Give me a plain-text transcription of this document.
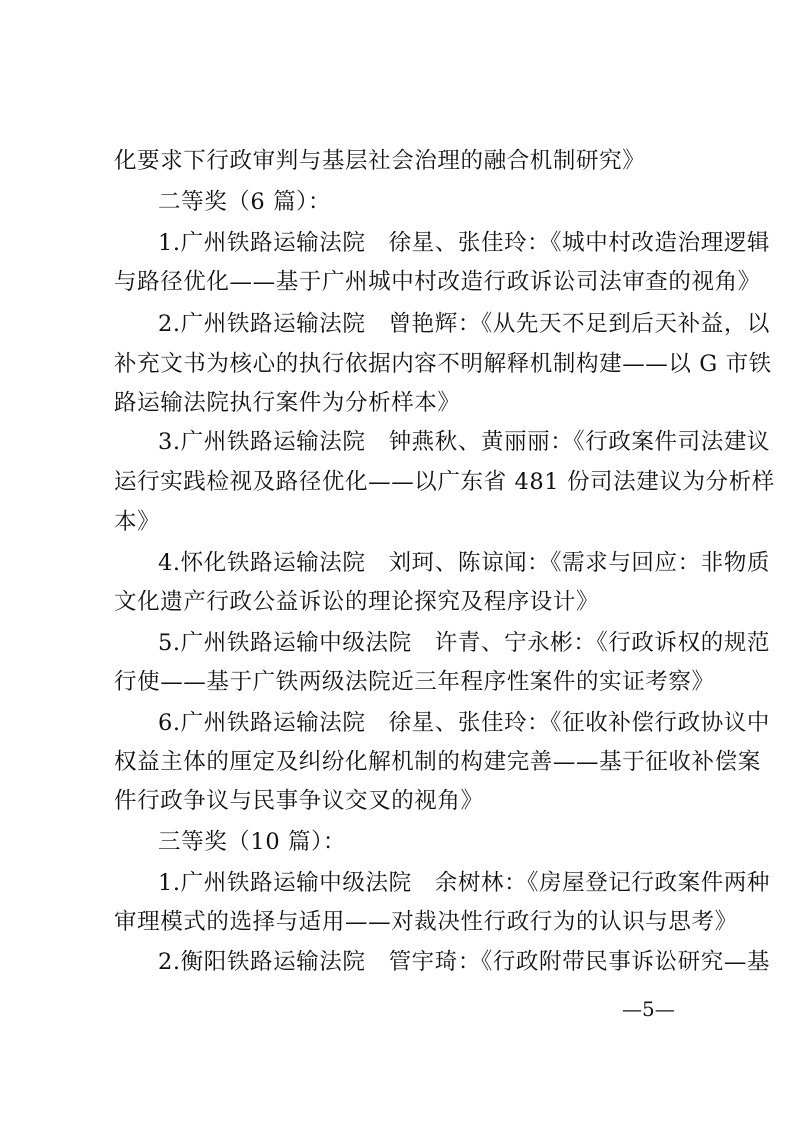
化要求下行政审判与基层社会治理的融合机制研究》
二等奖（6 篇）：
1.广州铁路运输法院　徐星、张佳玲：《城中村改造治理逻辑
与路径优化——基于广州城中村改造行政诉讼司法审查的视角》
2.广州铁路运输法院　曾艳辉：《从先天不足到后天补益，以
补充文书为核心的执行依据内容不明解释机制构建——以 G 市铁
路运输法院执行案件为分析样本》
3.广州铁路运输法院　钟燕秋、黄丽丽：《行政案件司法建议
运行实践检视及路径优化——以广东省 481 份司法建议为分析样
本》
4.怀化铁路运输法院　刘珂、陈谅闻：《需求与回应：非物质
文化遗产行政公益诉讼的理论探究及程序设计》
5.广州铁路运输中级法院　许青、宁永彬：《行政诉权的规范
行使——基于广铁两级法院近三年程序性案件的实证考察》
6.广州铁路运输法院　徐星、张佳玲：《征收补偿行政协议中
权益主体的厘定及纠纷化解机制的构建完善——基于征收补偿案
件行政争议与民事争议交叉的视角》
三等奖（10 篇）：
1.广州铁路运输中级法院　余树林：《房屋登记行政案件两种
审理模式的选择与适用——对裁决性行政行为的认识与思考》
2.衡阳铁路运输法院　管宇琦：《行政附带民事诉讼研究—基
—5—
